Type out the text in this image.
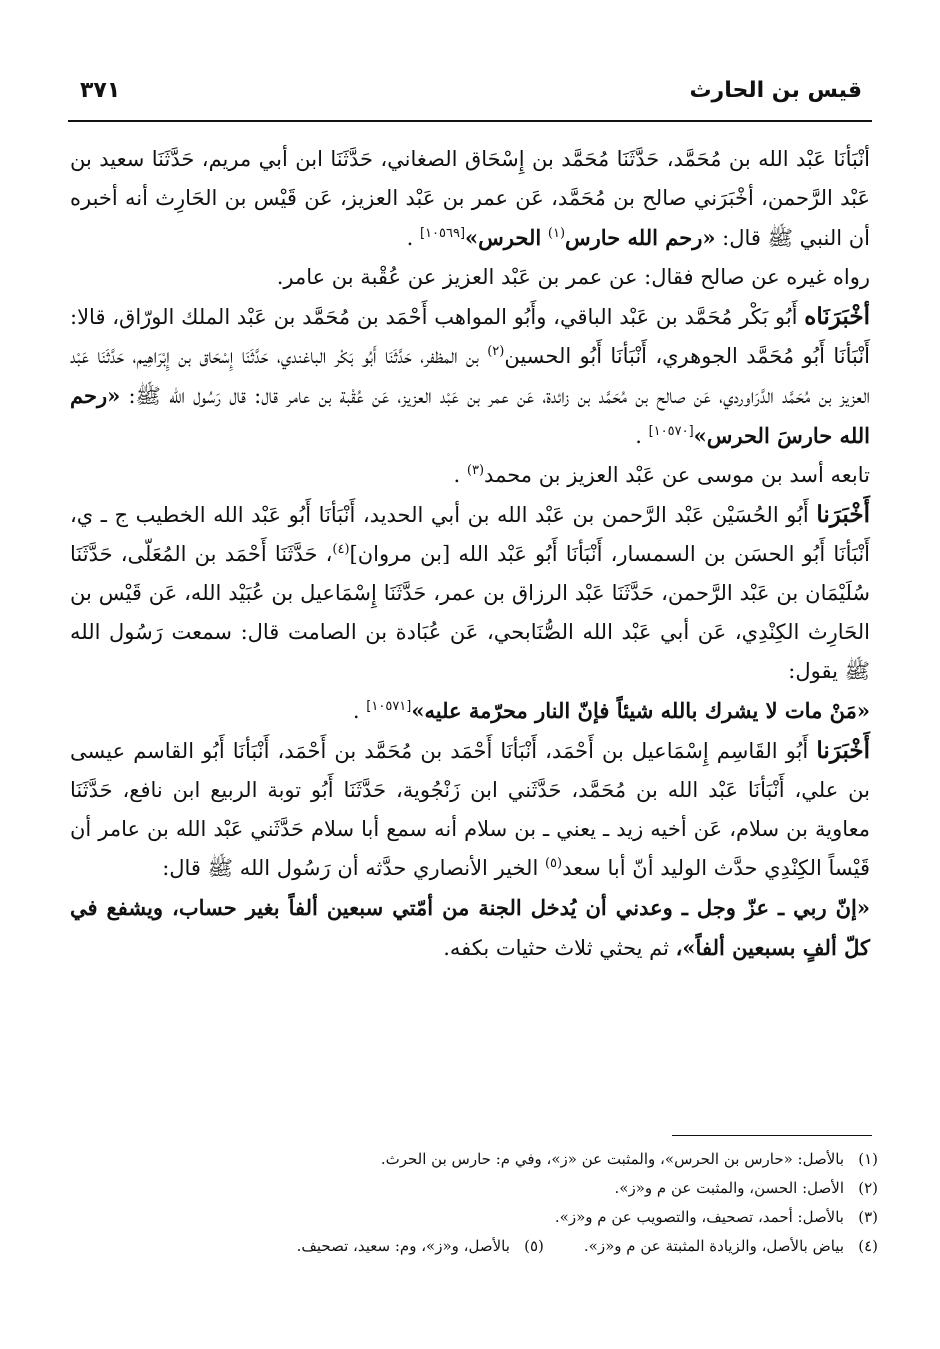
قيس بن الحارث
٣٧١

أنْبَأنَا عَبْد الله بن مُحَمَّد، حَدَّثَنَا مُحَمَّد بن إِسْحَاق الصغاني، حَدَّثَنَا ابن أبي مريم، حَدَّثَنَا سعيد بن عَبْد الرَّحمن، أخْبَرَني صالح بن مُحَمَّد، عَن عمر بن عَبْد العزيز، عَن قَيْس بن الحَارِث أنه أخبره أن النبي ﷺ قال: «رحم الله حارس$^{(١)}$ الحرس»[١٠٥٦٩] .

رواه غيره عن صالح فقال: عن عمر بن عَبْد العزيز عن عُقْبة بن عامر.

أخْبَرَنَاه أَبُو بَكْر مُحَمَّد بن عَبْد الباقي، وأَبُو المواهب أَحْمَد بن مُحَمَّد بن عَبْد الملك الورّاق، قالا: أَنْبَأنَا أَبُو مُحَمَّد الجوهري، أَنْبَأنَا أَبُو الحسين$^{(٢)}$ بن المظفر، حَدَّثَنَا أَبُو بَكْر الباغندي، حَدَّثَنَا إِسْحَاق بن إِبْرَاهِيم، حَدَّثَنَا عَبْد العزيز بن مُحَمَّد الدَّرَاوردي، عَن صالح بن مُحَمَّد بن زائدة، عَن عمر بن عَبْد العزيز، عَن عُقْبة بن عامر قال: قال رَسُول الله ﷺ: «رحم الله حارسَ الحرس»[١٠٥٧٠] .

تابعه أسد بن موسى عن عَبْد العزيز بن محمد$^{(٣)}$ .

أَخْبَرَنا أَبُو الحُسَيْن عَبْد الرَّحمن بن عَبْد الله بن أبي الحديد، أَنْبَأنَا أَبُو عَبْد الله الخطيب ج ـ ي، أَنْبَأنَا أَبُو الحسَن بن السمسار، أَنْبَأنَا أَبُو عَبْد الله [بن مروان]$^{(٤)}$، حَدَّثَنَا أَحْمَد بن المُعَلّى، حَدَّثَنَا سُلَيْمَان بن عَبْد الرَّحمن، حَدَّثَنَا عَبْد الرزاق بن عمر، حَدَّثَنَا إِسْمَاعيل بن عُبَيْد الله، عَن قَيْس بن الحَارِث الكِنْدِي، عَن أبي عَبْد الله الصُّنَابحي، عَن عُبَادة بن الصامت قال: سمعت رَسُول الله ﷺ يقول:

«مَنْ مات لا يشرك بالله شيئاً فإنّ النار محرّمة عليه»[١٠٥٧١] .

أَخْبَرَنا أَبُو القَاسِم إِسْمَاعيل بن أَحْمَد، أَنْبَأنَا أَحْمَد بن مُحَمَّد بن أَحْمَد، أَنْبَأنَا أَبُو القاسم عيسى بن علي، أَنْبَأنَا عَبْد الله بن مُحَمَّد، حَدَّثَني ابن زَنْجُوية، حَدَّثَنَا أَبُو توبة الربيع ابن نافع، حَدَّثَنَا معاوية بن سلام، عَن أخيه زيد ـ يعني ـ بن سلام أنه سمع أبا سلام حَدَّثَني عَبْد الله بن عامر أن قَيْساً الكِنْدِي حدَّث الوليد أنّ أبا سعد$^{(٥)}$ الخير الأنصاري حدَّثه أن رَسُول الله ﷺ قال:

«إنّ ربي ـ عزّ وجل ـ وعدني أن يُدخل الجنة من أمّتي سبعين ألفاً بغير حساب، ويشفع في كلّ ألفٍ بسبعين ألفاً»، ثم يحثي ثلاث حثيات بكفه.

(١)بالأصل: «حارس بن الحرس»، والمثبت عن «ز»، وفي م: حارس بن الحرث.

(٢)الأصل: الحسن، والمثبت عن م و«ز».

(٣)بالأصل: أحمد، تصحيف، والتصويب عن م و«ز».

(٤)بياض بالأصل، والزيادة المثبتة عن م و«ز».(٥)بالأصل، و«ز»، وم: سعيد، تصحيف.
